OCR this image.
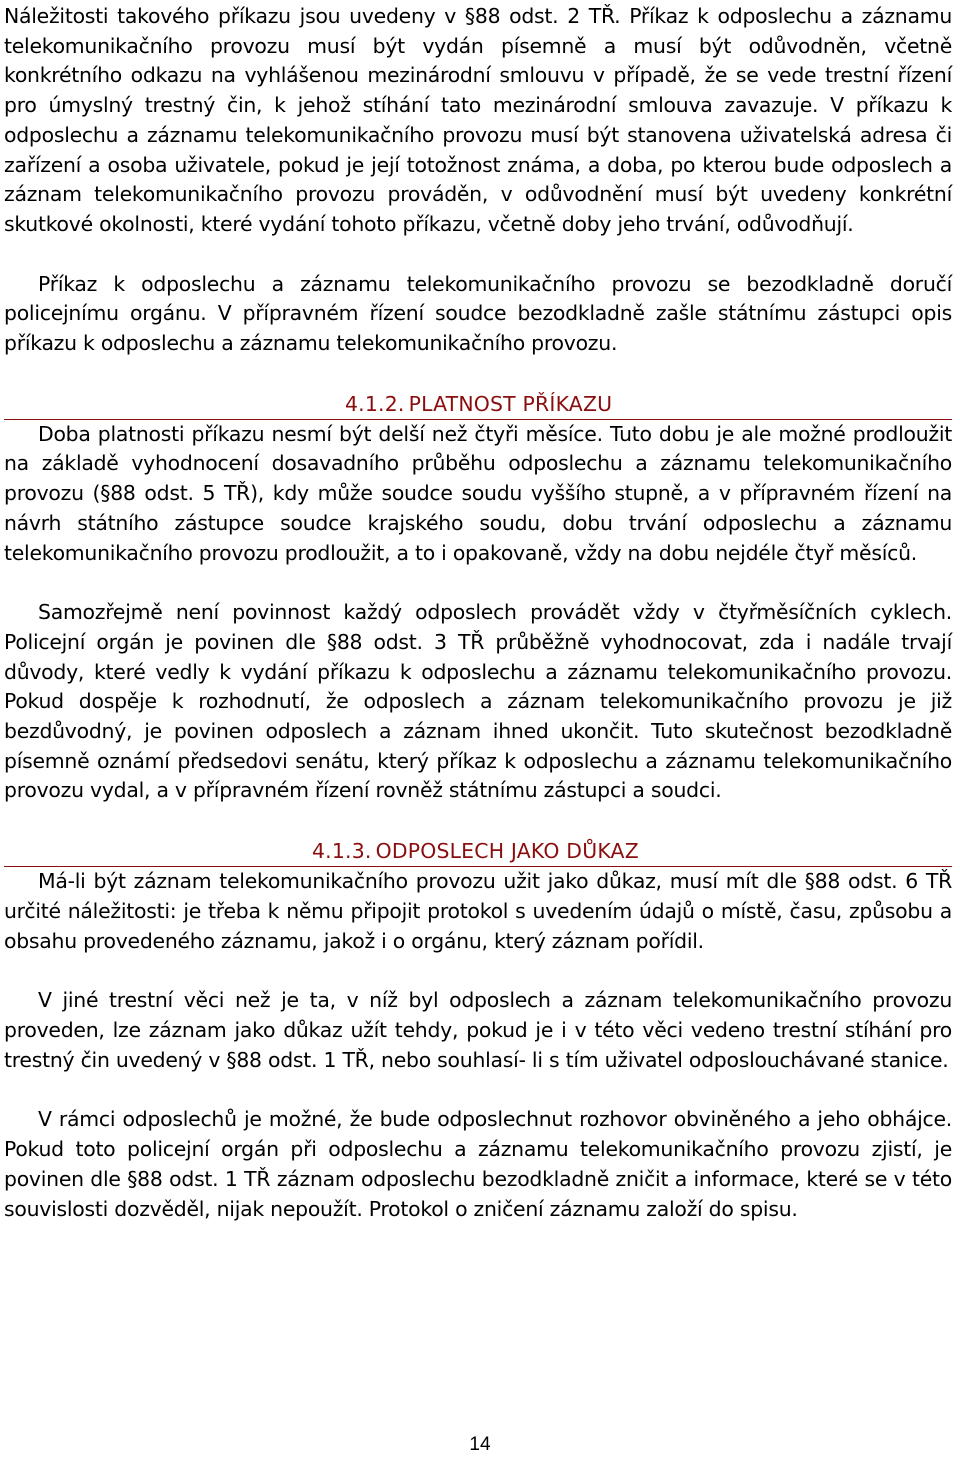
Náležitosti takového příkazu jsou uvedeny v §88 odst. 2 TŘ. Příkaz k odposlechu a záznamu telekomunikačního provozu musí být vydán písemně a musí být odůvodněn, včetně konkrétního odkazu na vyhlášenou mezinárodní smlouvu v případě, že se vede trestní řízení pro úmyslný trestný čin, k jehož stíhání tato mezinárodní smlouva zavazuje. V příkazu k odposlechu a záznamu telekomunikačního provozu musí být stanovena uživatelská adresa či zařízení a osoba uživatele, pokud je její totožnost známa, a doba, po kterou bude odposlech a záznam telekomunikačního provozu prováděn, v odůvodnění musí být uvedeny konkrétní skutkové okolnosti, které vydání tohoto příkazu, včetně doby jeho trvání, odůvodňují.

Příkaz k odposlechu a záznamu telekomunikačního provozu se bezodkladně doručí policejnímu orgánu. V přípravném řízení soudce bezodkladně zašle státnímu zástupci opis příkazu k odposlechu a záznamu telekomunikačního provozu.

4.1.2. PLATNOST PŘÍKAZU

Doba platnosti příkazu nesmí být delší než čtyři měsíce. Tuto dobu je ale možné prodloužit na základě vyhodnocení dosavadního průběhu odposlechu a záznamu telekomunikačního provozu (§88 odst. 5 TŘ), kdy může soudce soudu vyššího stupně, a v přípravném řízení na návrh státního zástupce soudce krajského soudu, dobu trvání odposlechu a záznamu telekomunikačního provozu prodloužit, a to i opakovaně, vždy na dobu nejdéle čtyř měsíců.

Samozřejmě není povinnost každý odposlech provádět vždy v čtyřměsíčních cyklech. Policejní orgán je povinen dle §88 odst. 3 TŘ průběžně vyhodnocovat, zda i nadále trvají důvody, které vedly k vydání příkazu k odposlechu a záznamu telekomunikačního provozu. Pokud dospěje k rozhodnutí, že odposlech a záznam telekomunikačního provozu je již bezdůvodný, je povinen odposlech a záznam ihned ukončit. Tuto skutečnost bezodkladně písemně oznámí předsedovi senátu, který příkaz k odposlechu a záznamu telekomunikačního provozu vydal, a v přípravném řízení rovněž státnímu zástupci a soudci.

4.1.3. ODPOSLECH JAKO DŮKAZ

Má-li být záznam telekomunikačního provozu užit jako důkaz, musí mít dle §88 odst. 6 TŘ určité náležitosti: je třeba k němu připojit protokol s uvedením údajů o místě, času, způsobu a obsahu provedeného záznamu, jakož i o orgánu, který záznam pořídil.

V jiné trestní věci než je ta, v níž byl odposlech a záznam telekomunikačního provozu proveden, lze záznam jako důkaz užít tehdy, pokud je i v této věci vedeno trestní stíhání pro trestný čin uvedený v §88 odst. 1 TŘ, nebo souhlasí- li s tím uživatel odposlouchávané stanice.

V rámci odposlechů je možné, že bude odposlechnut rozhovor obviněného a jeho obhájce. Pokud toto policejní orgán při odposlechu a záznamu telekomunikačního provozu zjistí, je povinen dle §88 odst. 1 TŘ záznam odposlechu bezodkladně zničit a informace, které se v této souvislosti dozvěděl, nijak nepoužít. Protokol o zničení záznamu založí do spisu.

14
